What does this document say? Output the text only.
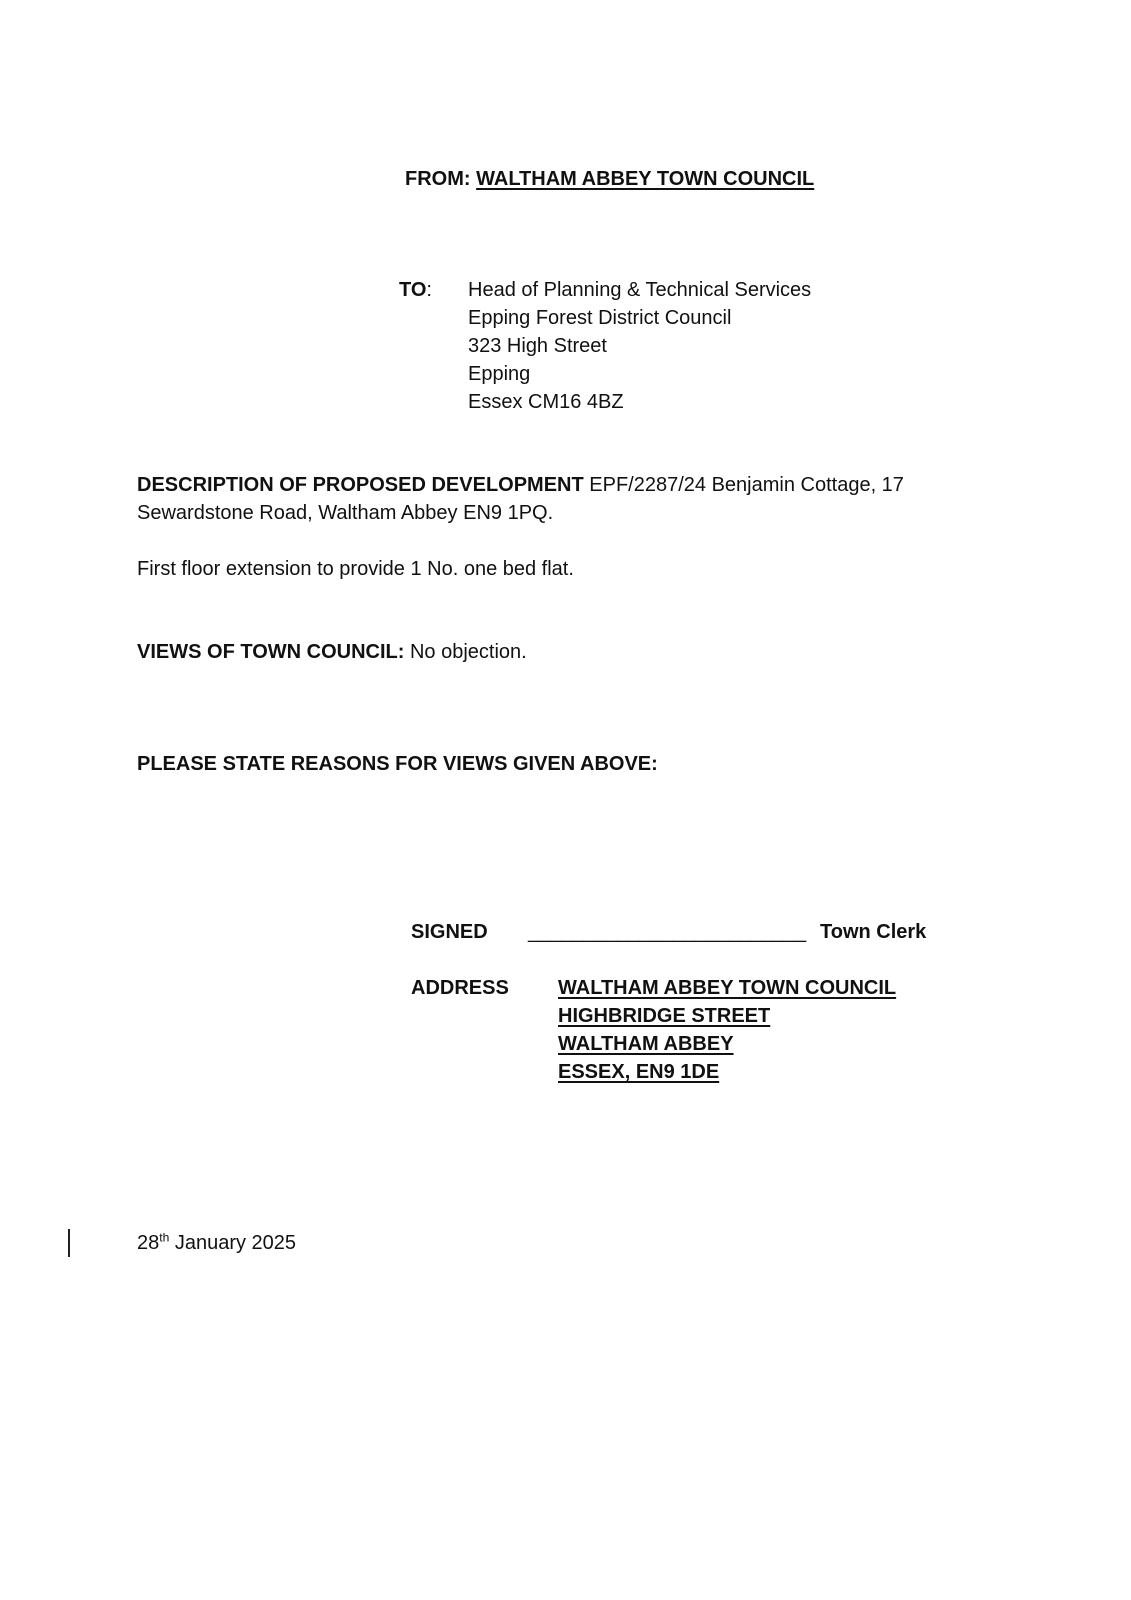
FROM: WALTHAM ABBEY TOWN COUNCIL
TO: Head of Planning & Technical Services
Epping Forest District Council
323 High Street
Epping
Essex CM16 4BZ
DESCRIPTION OF PROPOSED DEVELOPMENT EPF/2287/24 Benjamin Cottage, 17
Sewardstone Road, Waltham Abbey EN9 1PQ.
First floor extension to provide 1 No. one bed flat.
VIEWS OF TOWN COUNCIL: No objection.
PLEASE STATE REASONS FOR VIEWS GIVEN ABOVE:
SIGNED _________________________ Town Clerk
ADDRESS WALTHAM ABBEY TOWN COUNCIL
HIGHBRIDGE STREET
WALTHAM ABBEY
ESSEX, EN9 1DE
28th January 2025
